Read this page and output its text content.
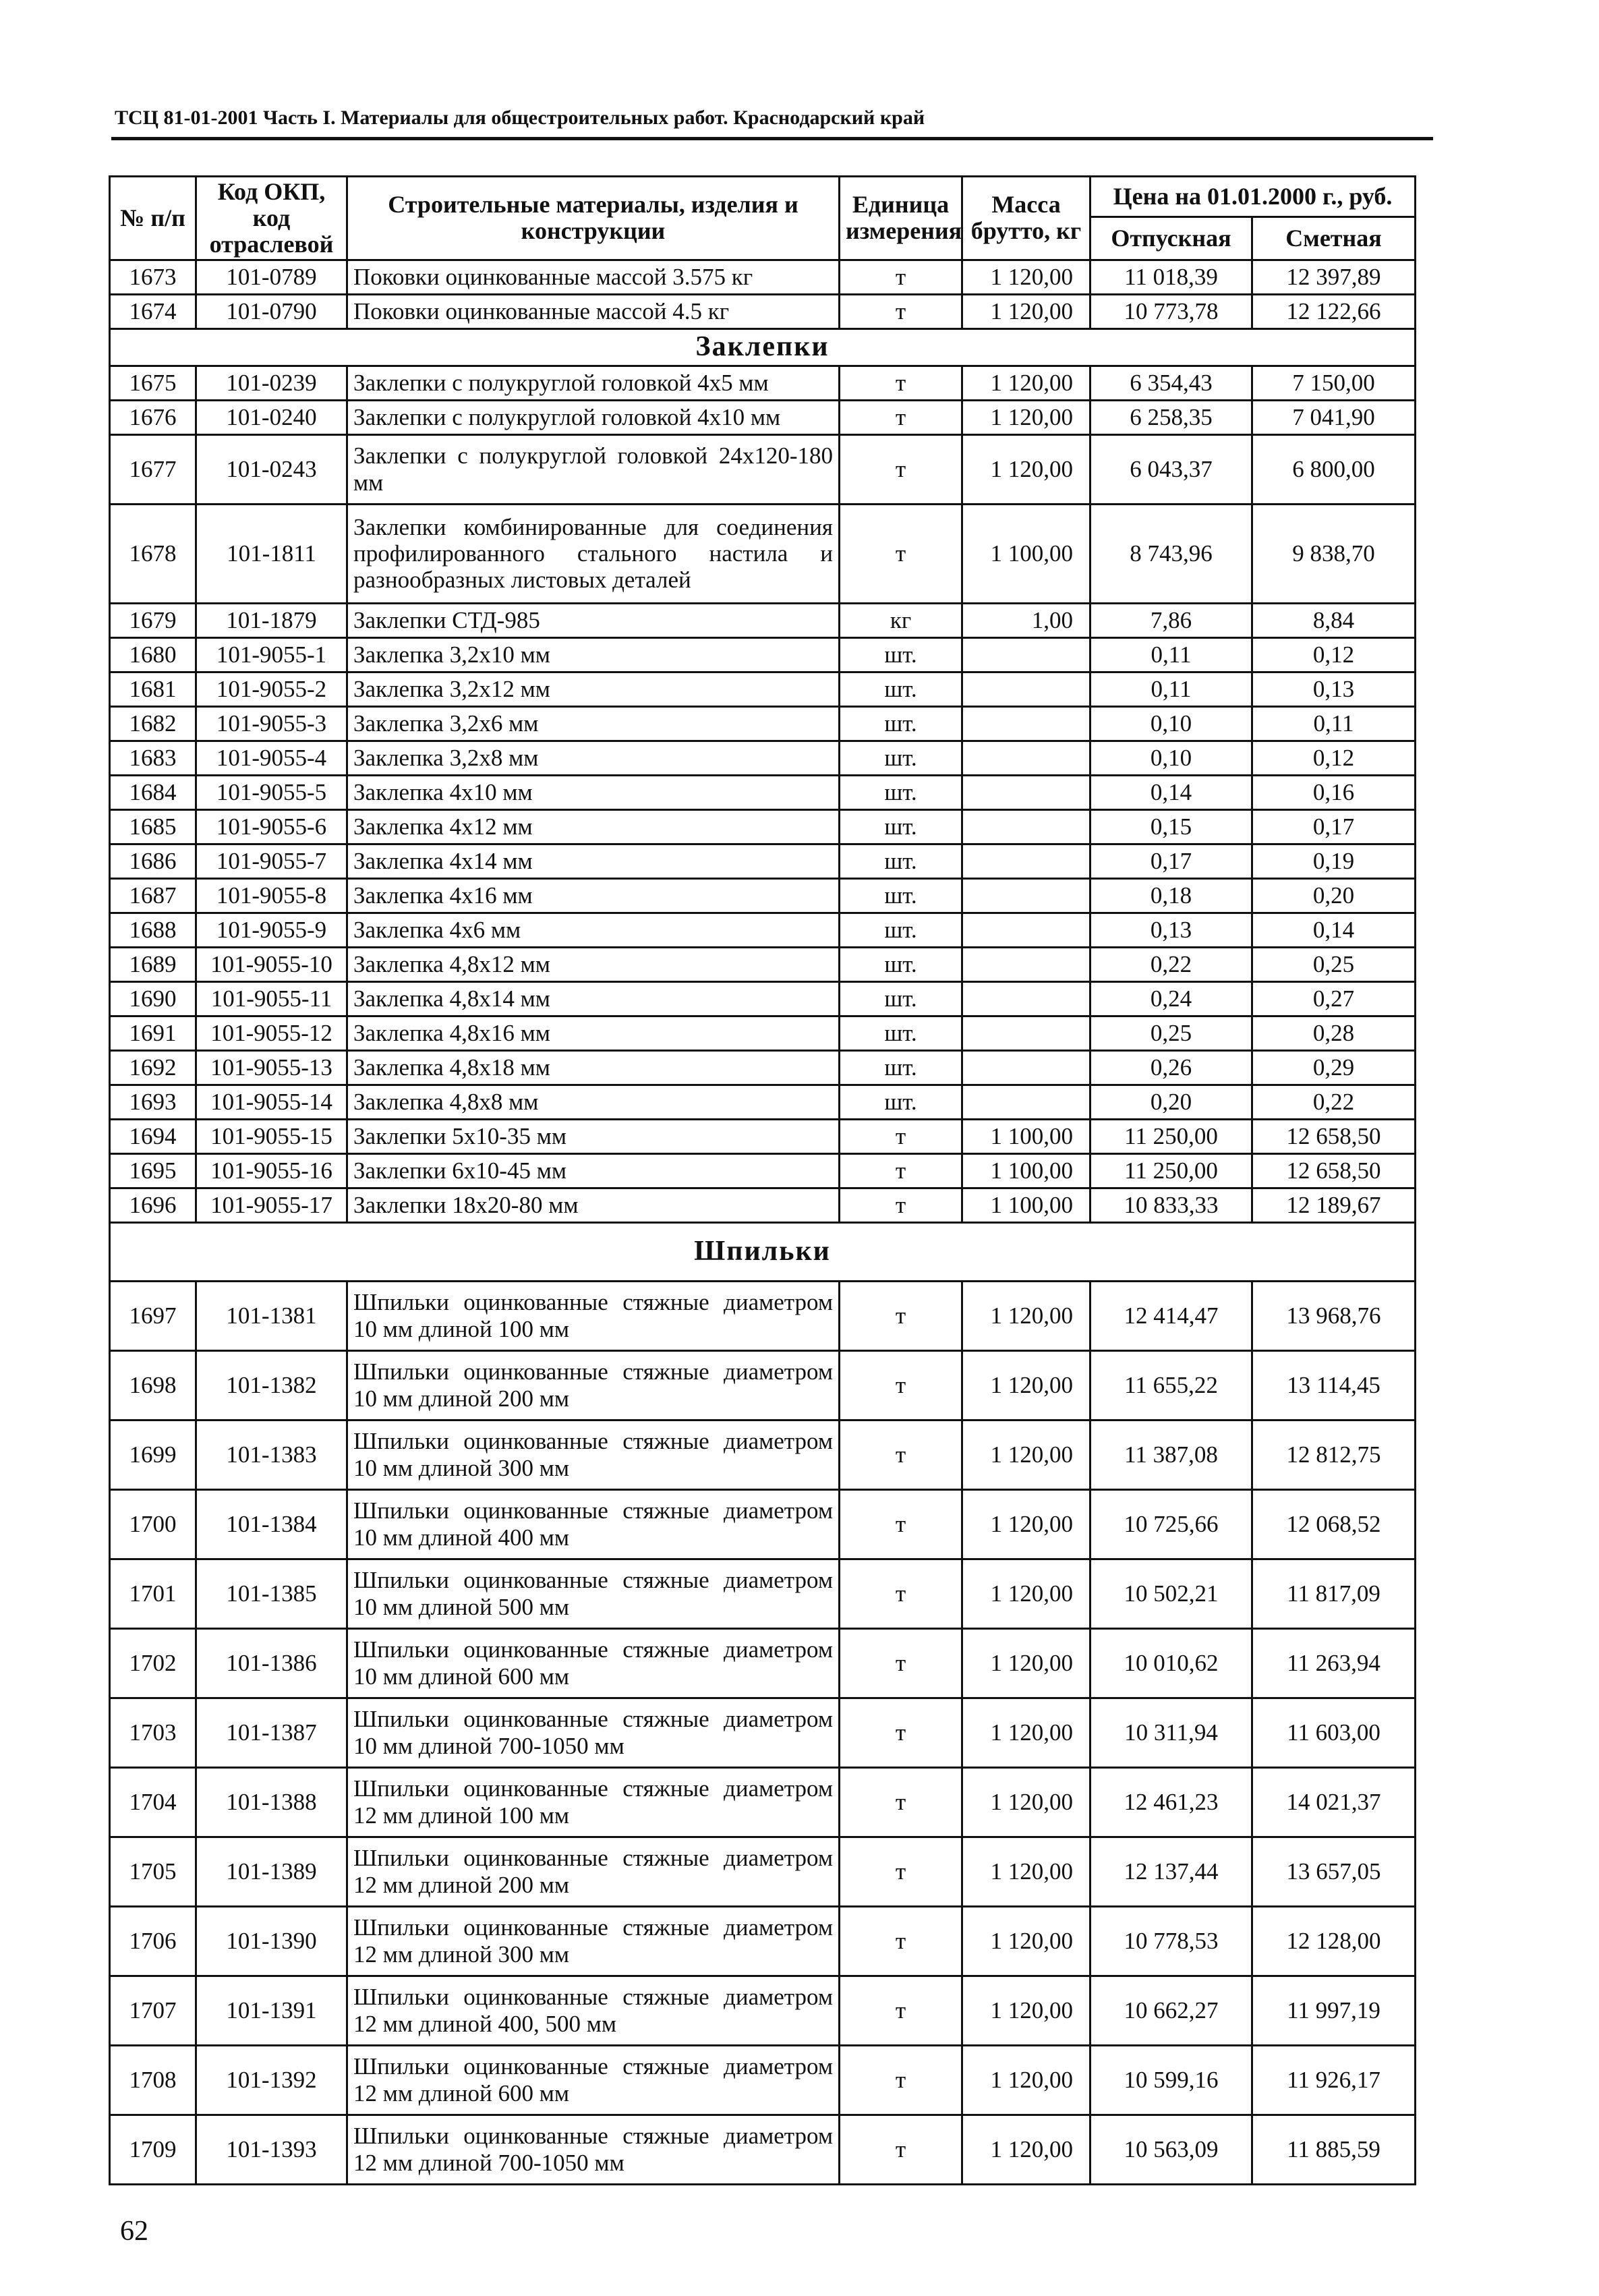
ТСЦ 81-01-2001 Часть I. Материалы для общестроительных работ. Краснодарский край
№ п/п	Код ОКП, код отраслевой	Строительные материалы, изделия и конструкции	Единица измерения	Масса брутто, кг	Цена на 01.01.2000 г., руб.	
					Отпускная	Сметная
1673	101-0789	Поковки оцинкованные массой 3.575 кг	т	1 120,00	11 018,39	12 397,89
1674	101-0790	Поковки оцинкованные массой 4.5 кг	т	1 120,00	10 773,78	12 122,66
Заклепки						
1675	101-0239	Заклепки с полукруглой головкой 4х5 мм	т	1 120,00	6 354,43	7 150,00
1676	101-0240	Заклепки с полукруглой головкой 4х10 мм	т	1 120,00	6 258,35	7 041,90
1677	101-0243	Заклепки с полукруглой головкой 24х120-180 мм	т	1 120,00	6 043,37	6 800,00
1678	101-1811	Заклепки комбинированные для соединения профилированного стального настила и разнообразных листовых деталей	т	1 100,00	8 743,96	9 838,70
1679	101-1879	Заклепки СТД-985	кг	1,00	7,86	8,84
1680	101-9055-1	Заклепка 3,2х10 мм	шт.		0,11	0,12
1681	101-9055-2	Заклепка 3,2х12 мм	шт.		0,11	0,13
1682	101-9055-3	Заклепка 3,2х6 мм	шт.		0,10	0,11
1683	101-9055-4	Заклепка 3,2х8 мм	шт.		0,10	0,12
1684	101-9055-5	Заклепка 4х10 мм	шт.		0,14	0,16
1685	101-9055-6	Заклепка 4х12 мм	шт.		0,15	0,17
1686	101-9055-7	Заклепка 4х14 мм	шт.		0,17	0,19
1687	101-9055-8	Заклепка 4х16 мм	шт.		0,18	0,20
1688	101-9055-9	Заклепка 4х6 мм	шт.		0,13	0,14
1689	101-9055-10	Заклепка 4,8х12 мм	шт.		0,22	0,25
1690	101-9055-11	Заклепка 4,8х14 мм	шт.		0,24	0,27
1691	101-9055-12	Заклепка 4,8х16 мм	шт.		0,25	0,28
1692	101-9055-13	Заклепка 4,8х18 мм	шт.		0,26	0,29
1693	101-9055-14	Заклепка 4,8х8 мм	шт.		0,20	0,22
1694	101-9055-15	Заклепки 5х10-35 мм	т	1 100,00	11 250,00	12 658,50
1695	101-9055-16	Заклепки 6х10-45 мм	т	1 100,00	11 250,00	12 658,50
1696	101-9055-17	Заклепки 18х20-80 мм	т	1 100,00	10 833,33	12 189,67
Шпильки						
1697	101-1381	Шпильки оцинкованные стяжные диаметром 10 мм длиной 100 мм	т	1 120,00	12 414,47	13 968,76
1698	101-1382	Шпильки оцинкованные стяжные диаметром 10 мм длиной 200 мм	т	1 120,00	11 655,22	13 114,45
1699	101-1383	Шпильки оцинкованные стяжные диаметром 10 мм длиной 300 мм	т	1 120,00	11 387,08	12 812,75
1700	101-1384	Шпильки оцинкованные стяжные диаметром 10 мм длиной 400 мм	т	1 120,00	10 725,66	12 068,52
1701	101-1385	Шпильки оцинкованные стяжные диаметром 10 мм длиной 500 мм	т	1 120,00	10 502,21	11 817,09
1702	101-1386	Шпильки оцинкованные стяжные диаметром 10 мм длиной 600 мм	т	1 120,00	10 010,62	11 263,94
1703	101-1387	Шпильки оцинкованные стяжные диаметром 10 мм длиной 700-1050 мм	т	1 120,00	10 311,94	11 603,00
1704	101-1388	Шпильки оцинкованные стяжные диаметром 12 мм длиной 100 мм	т	1 120,00	12 461,23	14 021,37
1705	101-1389	Шпильки оцинкованные стяжные диаметром 12 мм длиной 200 мм	т	1 120,00	12 137,44	13 657,05
1706	101-1390	Шпильки оцинкованные стяжные диаметром 12 мм длиной 300 мм	т	1 120,00	10 778,53	12 128,00
1707	101-1391	Шпильки оцинкованные стяжные диаметром 12 мм длиной 400, 500 мм	т	1 120,00	10 662,27	11 997,19
1708	101-1392	Шпильки оцинкованные стяжные диаметром 12 мм длиной 600 мм	т	1 120,00	10 599,16	11 926,17
1709	101-1393	Шпильки оцинкованные стяжные диаметром 12 мм длиной 700-1050 мм	т	1 120,00	10 563,09	11 885,59
62
